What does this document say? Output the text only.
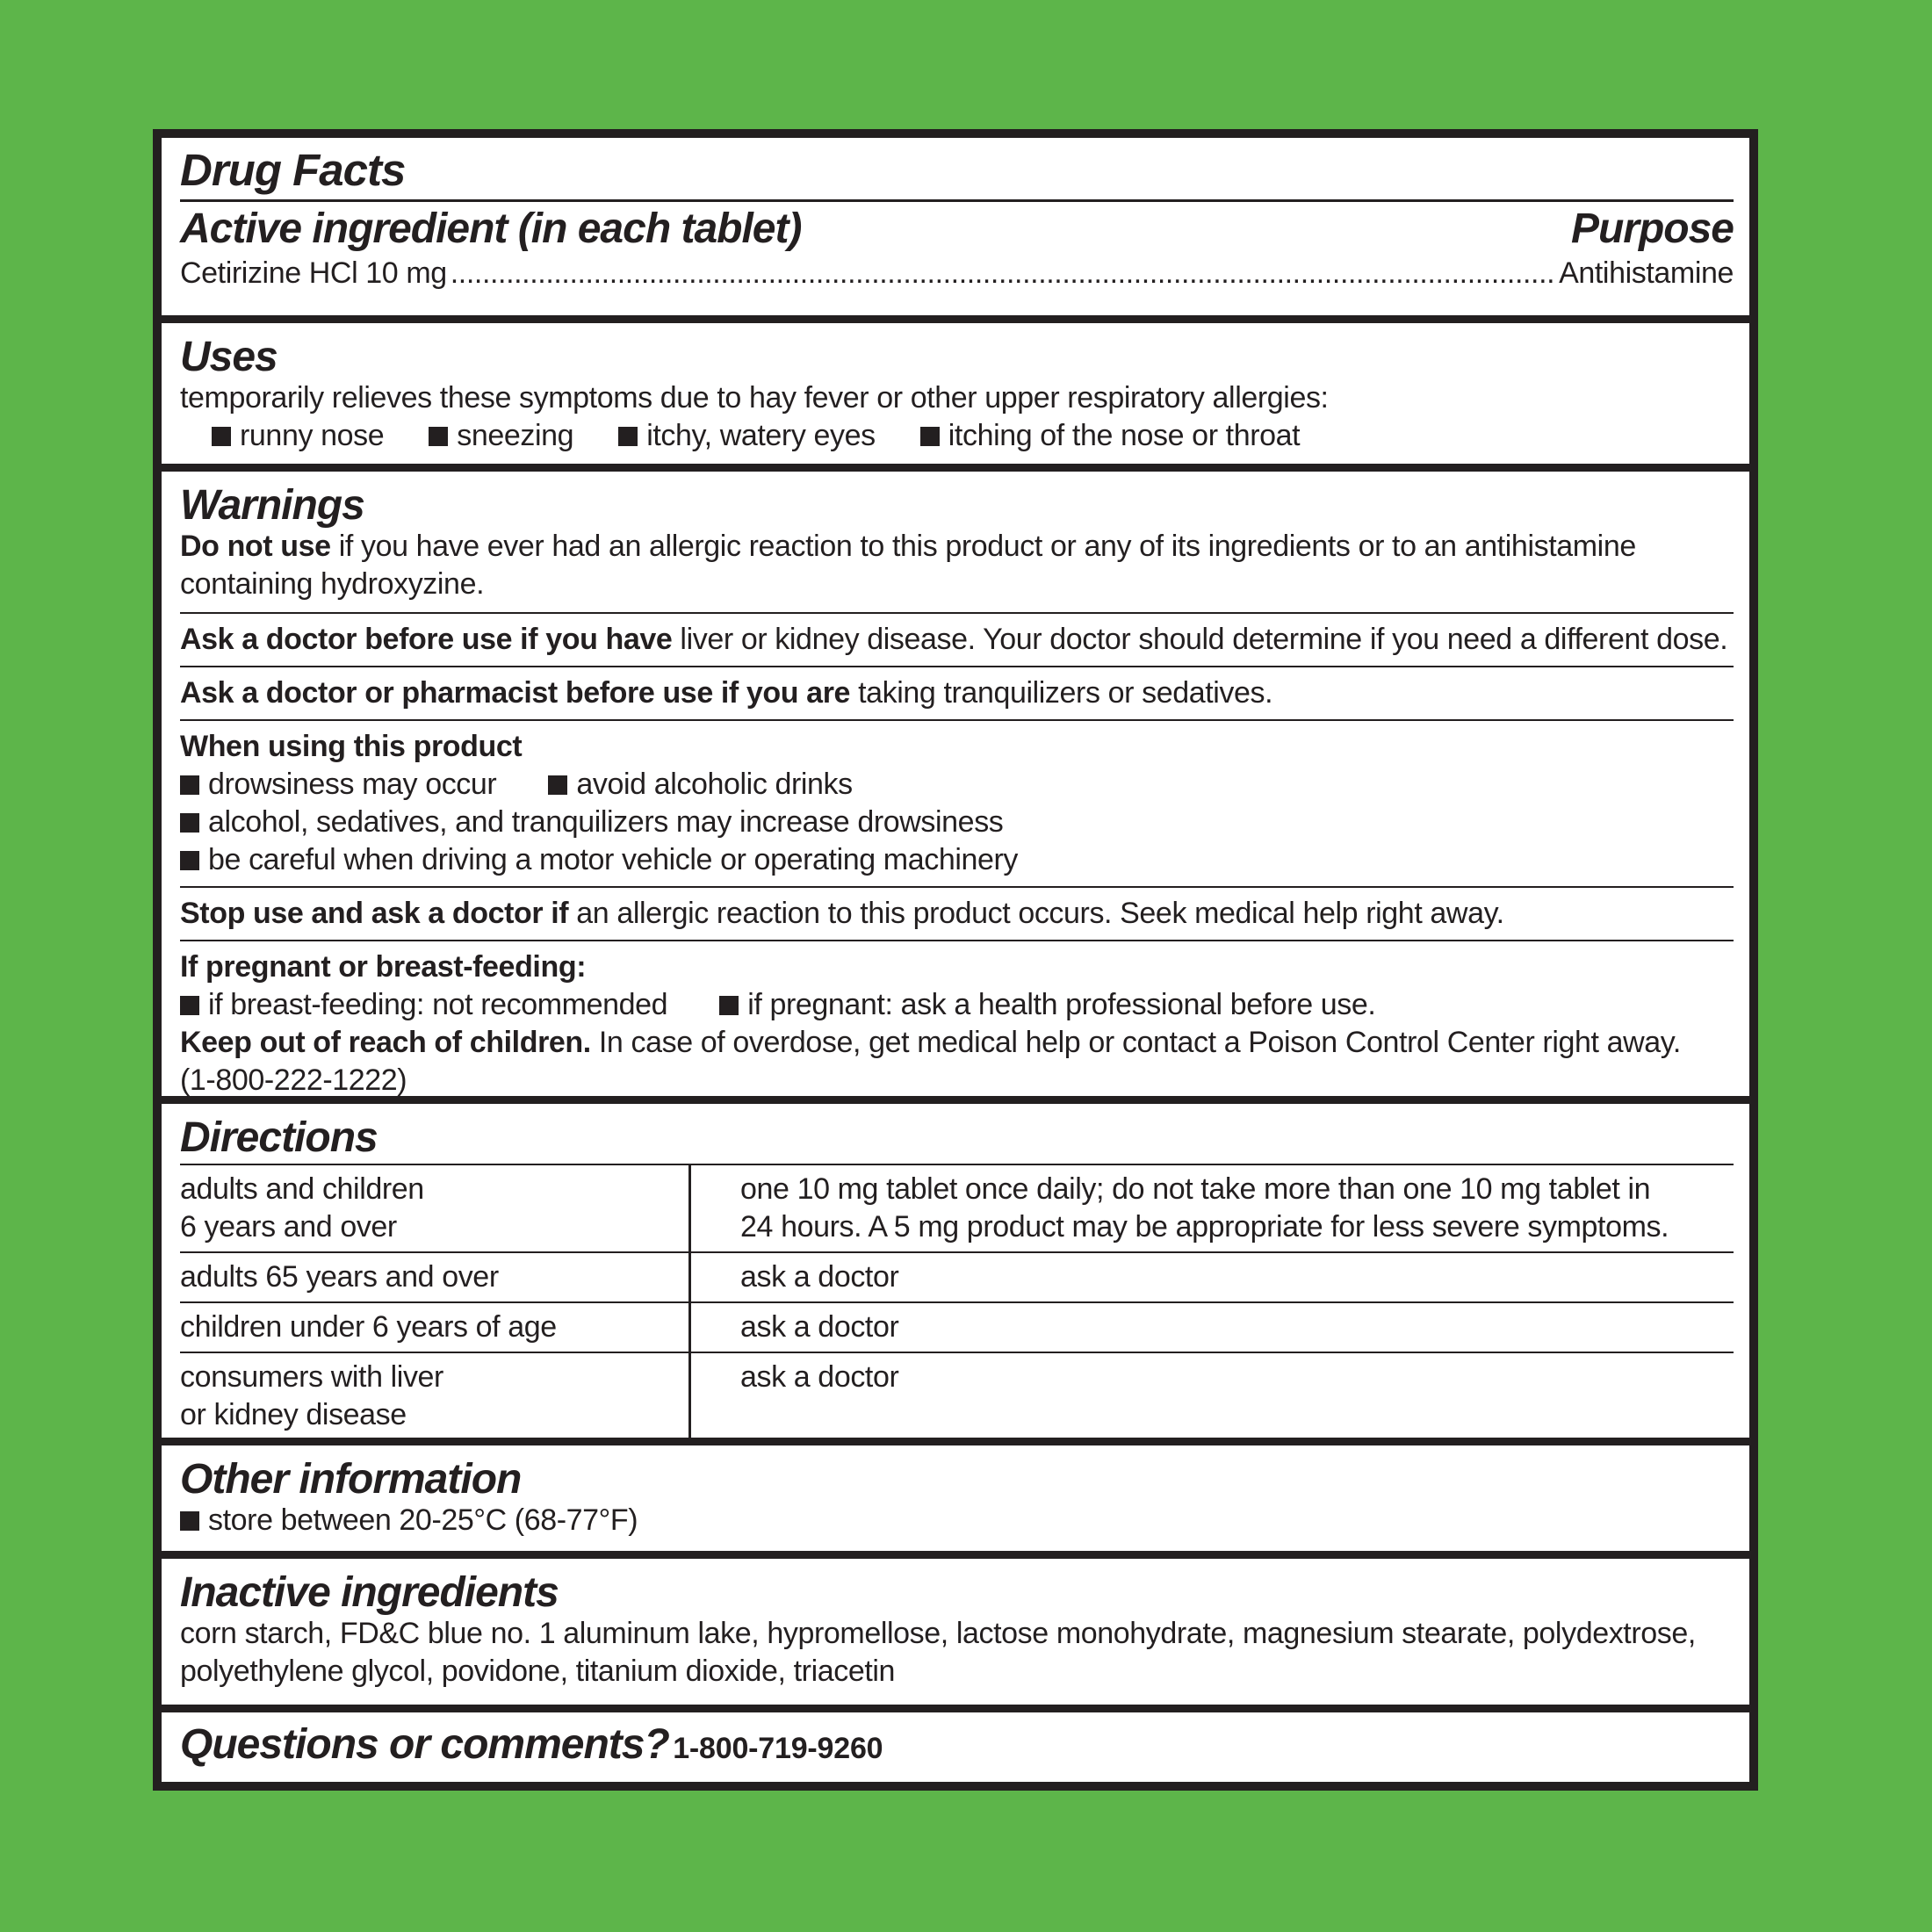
Drug Facts
Active ingredient (in each tablet)	Purpose
Cetirizine HCl 10 mg
.....	Antihistamine
Uses
temporarily relieves these symptoms due to hay fever or other upper respiratory allergies:
runny nose sneezing itchy, watery eyes itching of the nose or throat
Warnings
Do not use if you have ever had an allergic reaction to this product or any of its ingredients or to an antihistamine containing hydroxyzine.
Ask a doctor before use if you have liver or kidney disease. Your doctor should determine if you need a different dose.
Ask a doctor or pharmacist before use if you are taking tranquilizers or sedatives.
When using this product
drowsiness may occur	avoid alcoholic drinks
alcohol, sedatives, and tranquilizers may increase drowsiness
be careful when driving a motor vehicle or operating machinery
Stop use and ask a doctor if an allergic reaction to this product occurs. Seek medical help right away.
If pregnant or breast-feeding:
if breast-feeding: not recommended	if pregnant: ask a health professional before use.
Keep out of reach of children. In case of overdose, get medical help or contact a Poison Control Center right away.
(1-800-222-1222)
Directions
adults and children
6 years and over
one 10 mg tablet once daily; do not take more than one 10 mg tablet in
24 hours. A 5 mg product may be appropriate for less severe symptoms.
adults 65 years and over	ask a doctor
children under 6 years of age	ask a doctor
consumers with liver
or kidney disease
ask a doctor
Other information
store between 20-25°C (68-77°F)
Inactive ingredients
corn starch, FD&C blue no. 1 aluminum lake, hypromellose, lactose monohydrate, magnesium stearate, polydextrose, polyethylene glycol, povidone, titanium dioxide, triacetin
Questions or comments? 1-800-719-9260
